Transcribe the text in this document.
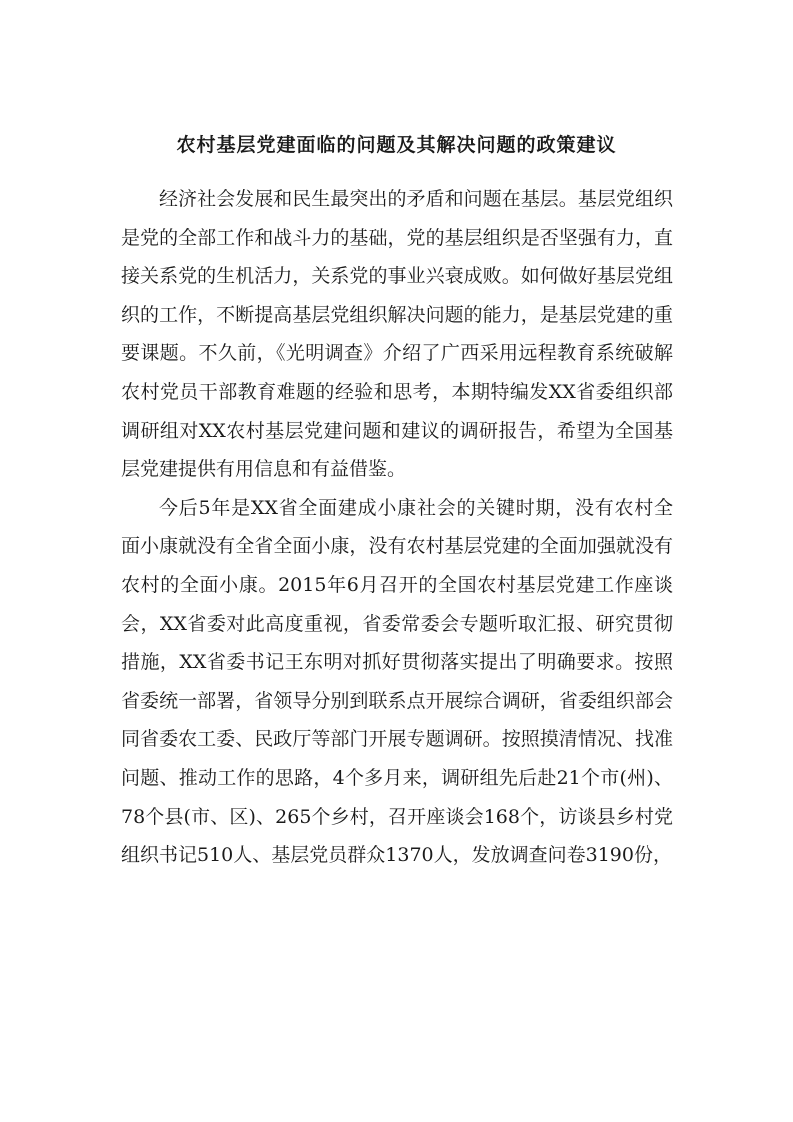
农村基层党建面临的问题及其解决问题的政策建议

经济社会发展和民生最突出的矛盾和问题在基层。基层党组织是党的全部工作和战斗力的基础，党的基层组织是否坚强有力，直接关系党的生机活力，关系党的事业兴衰成败。如何做好基层党组织的工作，不断提高基层党组织解决问题的能力，是基层党建的重要课题。不久前，《光明调查》介绍了广西采用远程教育系统破解农村党员干部教育难题的经验和思考，本期特编发XX省委组织部调研组对XX农村基层党建问题和建议的调研报告，希望为全国基层党建提供有用信息和有益借鉴。

今后5年是XX省全面建成小康社会的关键时期，没有农村全面小康就没有全省全面小康，没有农村基层党建的全面加强就没有农村的全面小康。2015年6月召开的全国农村基层党建工作座谈会，XX省委对此高度重视，省委常委会专题听取汇报、研究贯彻措施，XX省委书记王东明对抓好贯彻落实提出了明确要求。按照省委统一部署，省领导分别到联系点开展综合调研，省委组织部会同省委农工委、民政厅等部门开展专题调研。按照摸清情况、找准问题、推动工作的思路，4个多月来，调研组先后赴21个市(州)、78个县(市、区)、265个乡村，召开座谈会168个，访谈县乡村党组织书记510人、基层党员群众1370人，发放调查问卷3190份，
